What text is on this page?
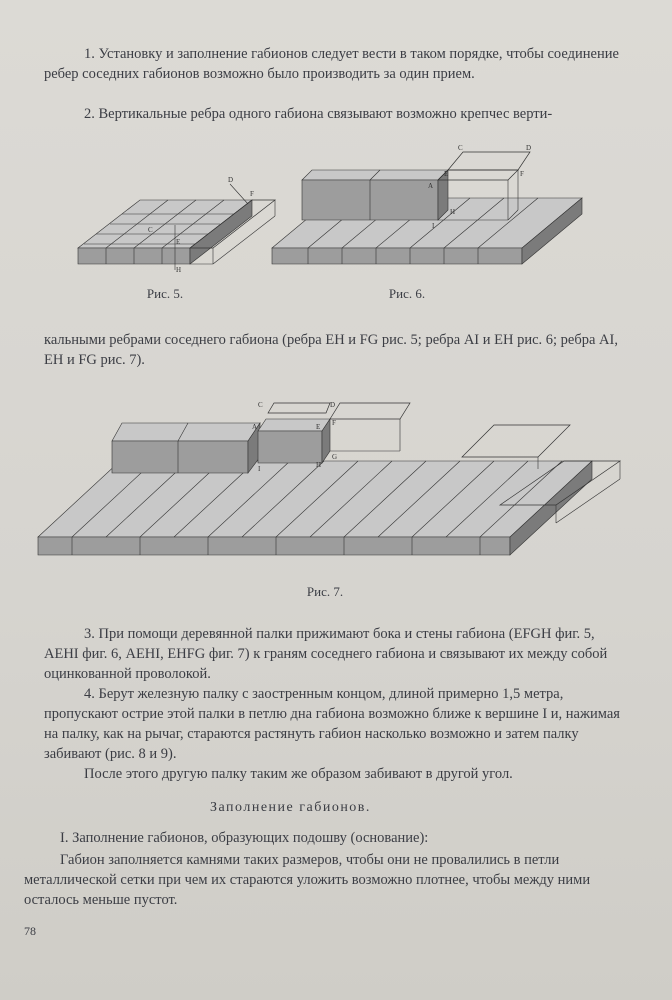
1. Установку и заполнение габионов следует вести в таком порядке, чтобы соединение ребер соседних габионов возможно было производить за один прием.

2. Вертикальные ребра одного габиона связывают возможно крепчес верти-

D
F
C
E
H
Рис. 5.
C	D
E	F
A
H
I
Рис. 6.

кальными ребрами соседнего габиона (ребра EH и FG рис. 5; ребра AI и EH рис. 6; ребра AI, EH и FG рис. 7).

C	D
A	E F
I	H
G
Рис. 7.

3. При помощи деревянной палки прижимают бока и стены габиона (EFGH фиг. 5, AEHI фиг. 6, AEHI, EHFG фиг. 7) к граням соседнего габиона и связывают их между собой оцинкованной проволокой.

4. Берут железную палку с заостренным концом, длиной примерно 1,5 метра, пропускают острие этой палки в петлю дна габиона возможно ближе к вершине I и, нажимая на палку, как на рычаг, стараются растянуть габион насколько возможно и затем палку забивают (рис. 8 и 9).

После этого другую палку таким же образом забивают в другой угол.

Заполнение габионов.

I. Заполнение габионов, образующих подошву (основание):

Габион заполняется камнями таких размеров, чтобы они не провалились в петли металлической сетки при чем их стараются уложить возможно плотнее, чтобы между ними осталось меньше пустот.

78
